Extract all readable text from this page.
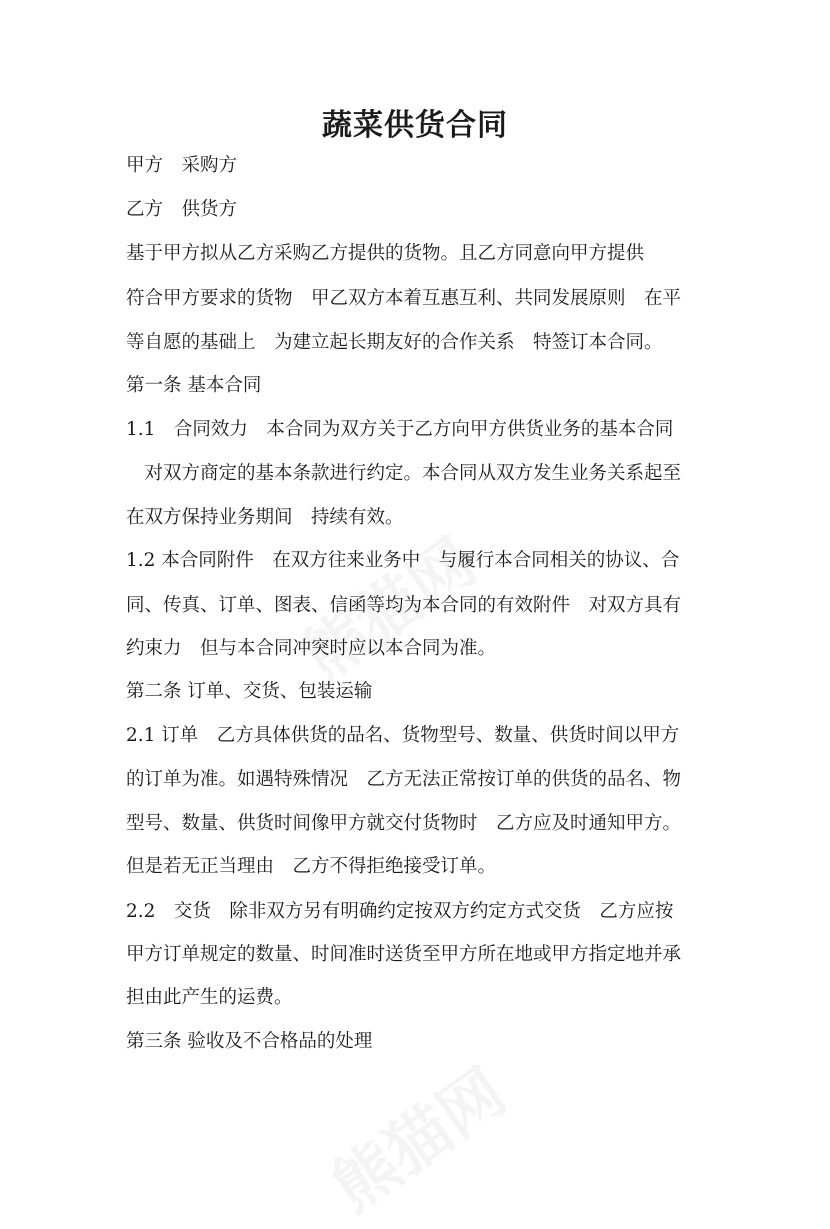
蔬菜供货合同
甲方　采购方
乙方　供货方
基于甲方拟从乙方采购乙方提供的货物。且乙方同意向甲方提供
符合甲方要求的货物　甲乙双方本着互惠互利、共同发展原则　在平
等自愿的基础上　为建立起长期友好的合作关系　特签订本合同。
第一条 基本合同
1.1　合同效力　本合同为双方关于乙方向甲方供货业务的基本合同
　对双方商定的基本条款进行约定。本合同从双方发生业务关系起至
在双方保持业务期间　持续有效。
1.2 本合同附件　在双方往来业务中　与履行本合同相关的协议、合
同、传真、订单、图表、信函等均为本合同的有效附件　对双方具有
约束力　但与本合同冲突时应以本合同为准。
第二条 订单、交货、包装运输
2.1 订单　乙方具体供货的品名、货物型号、数量、供货时间以甲方
的订单为准。如遇特殊情况　乙方无法正常按订单的供货的品名、物
型号、数量、供货时间像甲方就交付货物时　乙方应及时通知甲方。
但是若无正当理由　乙方不得拒绝接受订单。
2.2　交货　除非双方另有明确约定按双方约定方式交货　乙方应按
甲方订单规定的数量、时间准时送货至甲方所在地或甲方指定地并承
担由此产生的运费。
第三条 验收及不合格品的处理
